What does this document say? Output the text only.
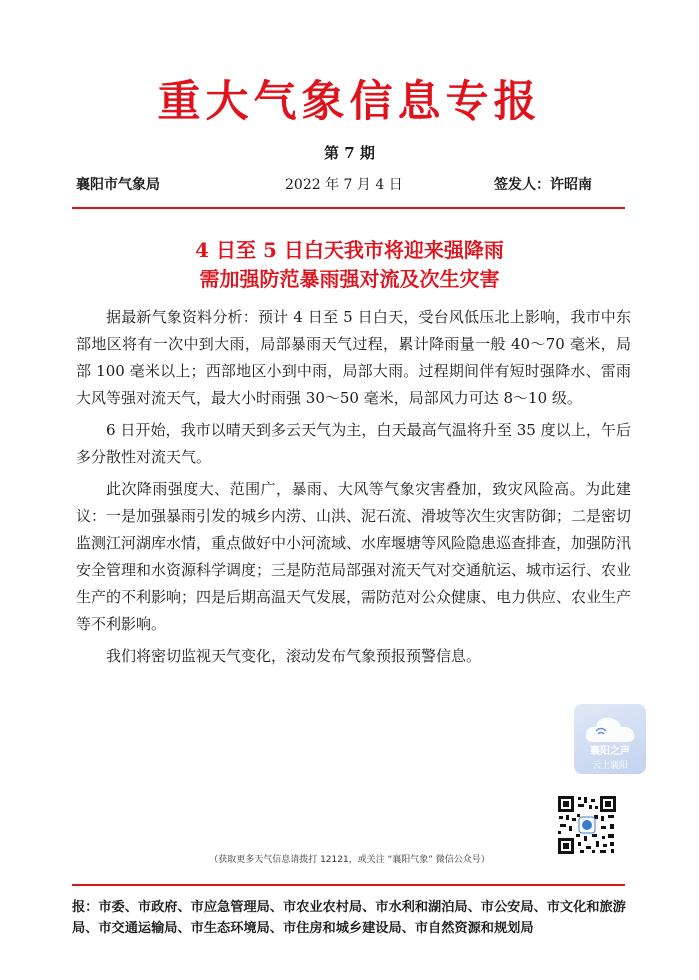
重大气象信息专报
第 7 期
襄阳市气象局	2022 年 7 月 4 日	签发人：许昭南
4 日至 5 日白天我市将迎来强降雨
需加强防范暴雨强对流及次生灾害

据最新气象资料分析：预计 4 日至 5 日白天，受台风低压北上影响，我市中东部地区将有一次中到大雨，局部暴雨天气过程，累计降雨量一般 40～70 毫米，局部 100 毫米以上；西部地区小到中雨，局部大雨。过程期间伴有短时强降水、雷雨大风等强对流天气，最大小时雨强 30～50 毫米，局部风力可达 8～10 级。

6 日开始，我市以晴天到多云天气为主，白天最高气温将升至 35 度以上，午后多分散性对流天气。

此次降雨强度大、范围广，暴雨、大风等气象灾害叠加，致灾风险高。为此建议：一是加强暴雨引发的城乡内涝、山洪、泥石流、滑坡等次生灾害防御；二是密切监测江河湖库水情，重点做好中小河流域、水库堰塘等风险隐患巡查排查，加强防汛安全管理和水资源科学调度；三是防范局部强对流天气对交通航运、城市运行、农业生产的不利影响；四是后期高温天气发展，需防范对公众健康、电力供应、农业生产等不利影响。

我们将密切监视天气变化，滚动发布气象预报预警信息。

襄阳之声
云上襄阳
（获取更多天气信息请拨打 12121，或关注 “襄阳气象” 微信公众号）
报：市委、市政府、市应急管理局、市农业农村局、市水利和湖泊局、市公安局、市文化和旅游局、市交通运输局、市生态环境局、市住房和城乡建设局、市自然资源和规划局
